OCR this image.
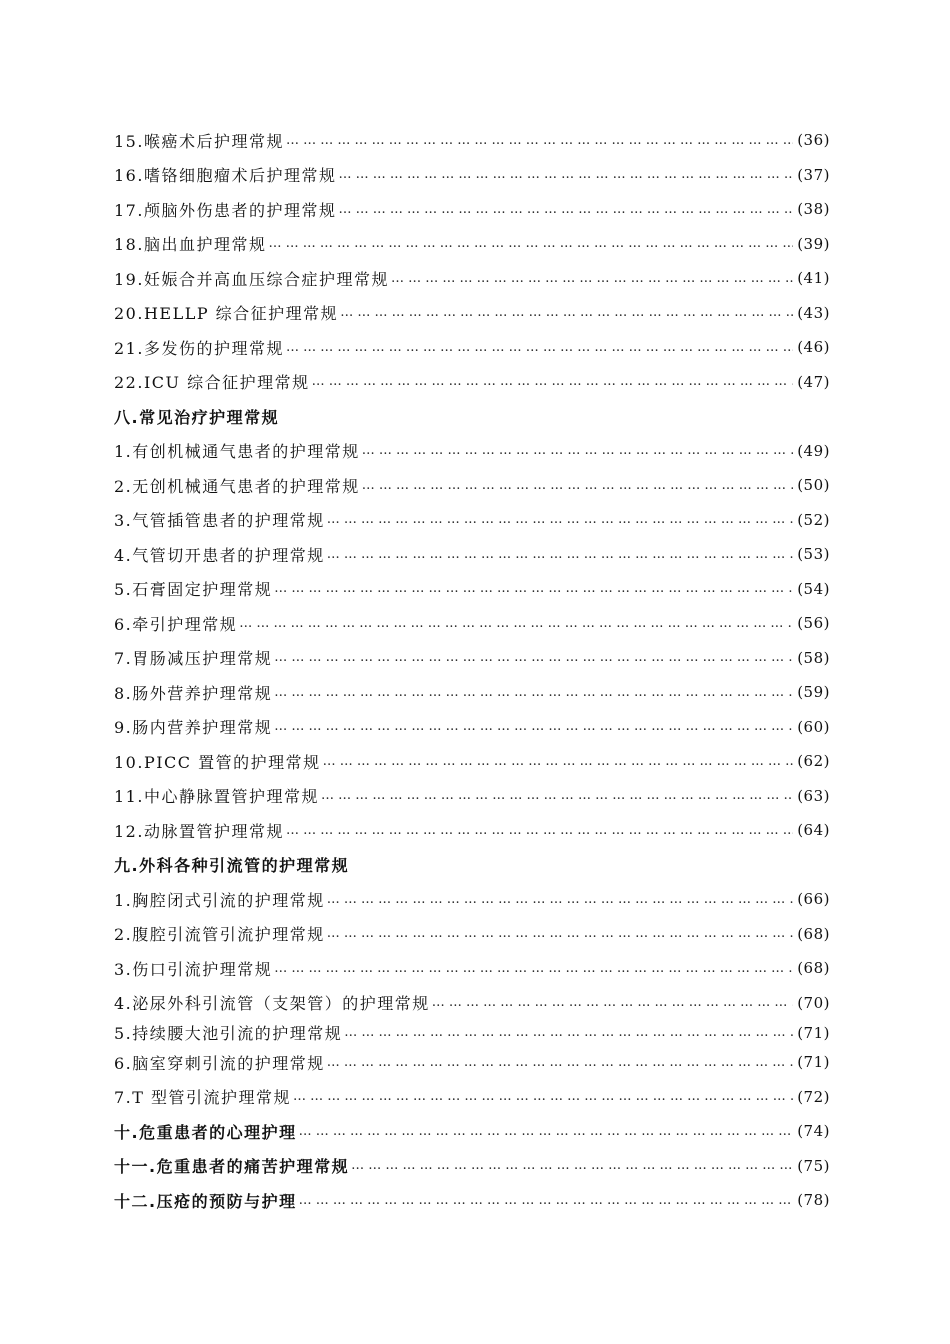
15.喉癌术后护理常规 … … … … … … … … … … … … … … … … … … … … … … … … … … … … … … … … … … … … … … … … … … … … … … … … … … … … … … … … …	(36)
16.嗜铬细胞瘤术后护理常规 … … … … … … … … … … … … … … … … … … … … … … … … … … … … … … … … … … … … … … … … … … … … … … … … … … … … … … … … …	(37)
17.颅脑外伤患者的护理常规 … … … … … … … … … … … … … … … … … … … … … … … … … … … … … … … … … … … … … … … … … … … … … … … … … … … … … … … … …	(38)
18.脑出血护理常规 … … … … … … … … … … … … … … … … … … … … … … … … … … … … … … … … … … … … … … … … … … … … … … … … … … … … … … … … …	(39)
19.妊娠合并高血压综合症护理常规 … … … … … … … … … … … … … … … … … … … … … … … … … … … … … … … … … … … … … … … … … … … … … … … … … … … … … … … … …	(41)
20.HELLP 综合征护理常规 … … … … … … … … … … … … … … … … … … … … … … … … … … … … … … … … … … … … … … … … … … … … … … … … … … … … … … … … …	(43)
21.多发伤的护理常规 … … … … … … … … … … … … … … … … … … … … … … … … … … … … … … … … … … … … … … … … … … … … … … … … … … … … … … … … …	(46)
22.ICU 综合征护理常规 … … … … … … … … … … … … … … … … … … … … … … … … … … … … … … … … … … … … … … … … … … … … … … … … … … … … … … … … …	(47)
八.常见治疗护理常规
1.有创机械通气患者的护理常规 … … … … … … … … … … … … … … … … … … … … … … … … … … … … … … … … … … … … … … … … … … … … … … … … … … … … … … … … …	(49)
2.无创机械通气患者的护理常规 … … … … … … … … … … … … … … … … … … … … … … … … … … … … … … … … … … … … … … … … … … … … … … … … … … … … … … … … …	(50)
3.气管插管患者的护理常规 … … … … … … … … … … … … … … … … … … … … … … … … … … … … … … … … … … … … … … … … … … … … … … … … … … … … … … … … …	(52)
4.气管切开患者的护理常规 … … … … … … … … … … … … … … … … … … … … … … … … … … … … … … … … … … … … … … … … … … … … … … … … … … … … … … … … …	(53)
5.石膏固定护理常规 … … … … … … … … … … … … … … … … … … … … … … … … … … … … … … … … … … … … … … … … … … … … … … … … … … … … … … … … …	(54)
6.牵引护理常规 … … … … … … … … … … … … … … … … … … … … … … … … … … … … … … … … … … … … … … … … … … … … … … … … … … … … … … … … …	(56)
7.胃肠减压护理常规 … … … … … … … … … … … … … … … … … … … … … … … … … … … … … … … … … … … … … … … … … … … … … … … … … … … … … … … … …	(58)
8.肠外营养护理常规 … … … … … … … … … … … … … … … … … … … … … … … … … … … … … … … … … … … … … … … … … … … … … … … … … … … … … … … … …	(59)
9.肠内营养护理常规 … … … … … … … … … … … … … … … … … … … … … … … … … … … … … … … … … … … … … … … … … … … … … … … … … … … … … … … … …	(60)
10.PICC 置管的护理常规 … … … … … … … … … … … … … … … … … … … … … … … … … … … … … … … … … … … … … … … … … … … … … … … … … … … … … … … … …	(62)
11.中心静脉置管护理常规 … … … … … … … … … … … … … … … … … … … … … … … … … … … … … … … … … … … … … … … … … … … … … … … … … … … … … … … … …	(63)
12.动脉置管护理常规 … … … … … … … … … … … … … … … … … … … … … … … … … … … … … … … … … … … … … … … … … … … … … … … … … … … … … … … … …	(64)
九.外科各种引流管的护理常规
1.胸腔闭式引流的护理常规 … … … … … … … … … … … … … … … … … … … … … … … … … … … … … … … … … … … … … … … … … … … … … … … … … … … … … … … … …	(66)
2.腹腔引流管引流护理常规 … … … … … … … … … … … … … … … … … … … … … … … … … … … … … … … … … … … … … … … … … … … … … … … … … … … … … … … … …	(68)
3.伤口引流护理常规 … … … … … … … … … … … … … … … … … … … … … … … … … … … … … … … … … … … … … … … … … … … … … … … … … … … … … … … … …	(68)
4.泌尿外科引流管（支架管）的护理常规 … … … … … … … … … … … … … … … … … … … … … … … … … … … … … … … … … … … … … … … … … … … … … … … … … … … … … … … … …	(70)
5.持续腰大池引流的护理常规 … … … … … … … … … … … … … … … … … … … … … … … … … … … … … … … … … … … … … … … … … … … … … … … … … … … … … … … … …	(71)
6.脑室穿刺引流的护理常规 … … … … … … … … … … … … … … … … … … … … … … … … … … … … … … … … … … … … … … … … … … … … … … … … … … … … … … … … …	(71)
7.T 型管引流护理常规 … … … … … … … … … … … … … … … … … … … … … … … … … … … … … … … … … … … … … … … … … … … … … … … … … … … … … … … … …	(72)
十.危重患者的心理护理 … … … … … … … … … … … … … … … … … … … … … … … … … … … … … … … … … … … … … … … … … … … … … … … … … … … … … … … … …	(74)
十一.危重患者的痛苦护理常规 … … … … … … … … … … … … … … … … … … … … … … … … … … … … … … … … … … … … … … … … … … … … … … … … … … … … … … … … …	(75)
十二.压疮的预防与护理 … … … … … … … … … … … … … … … … … … … … … … … … … … … … … … … … … … … … … … … … … … … … … … … … … … … … … … … … …	(78)
